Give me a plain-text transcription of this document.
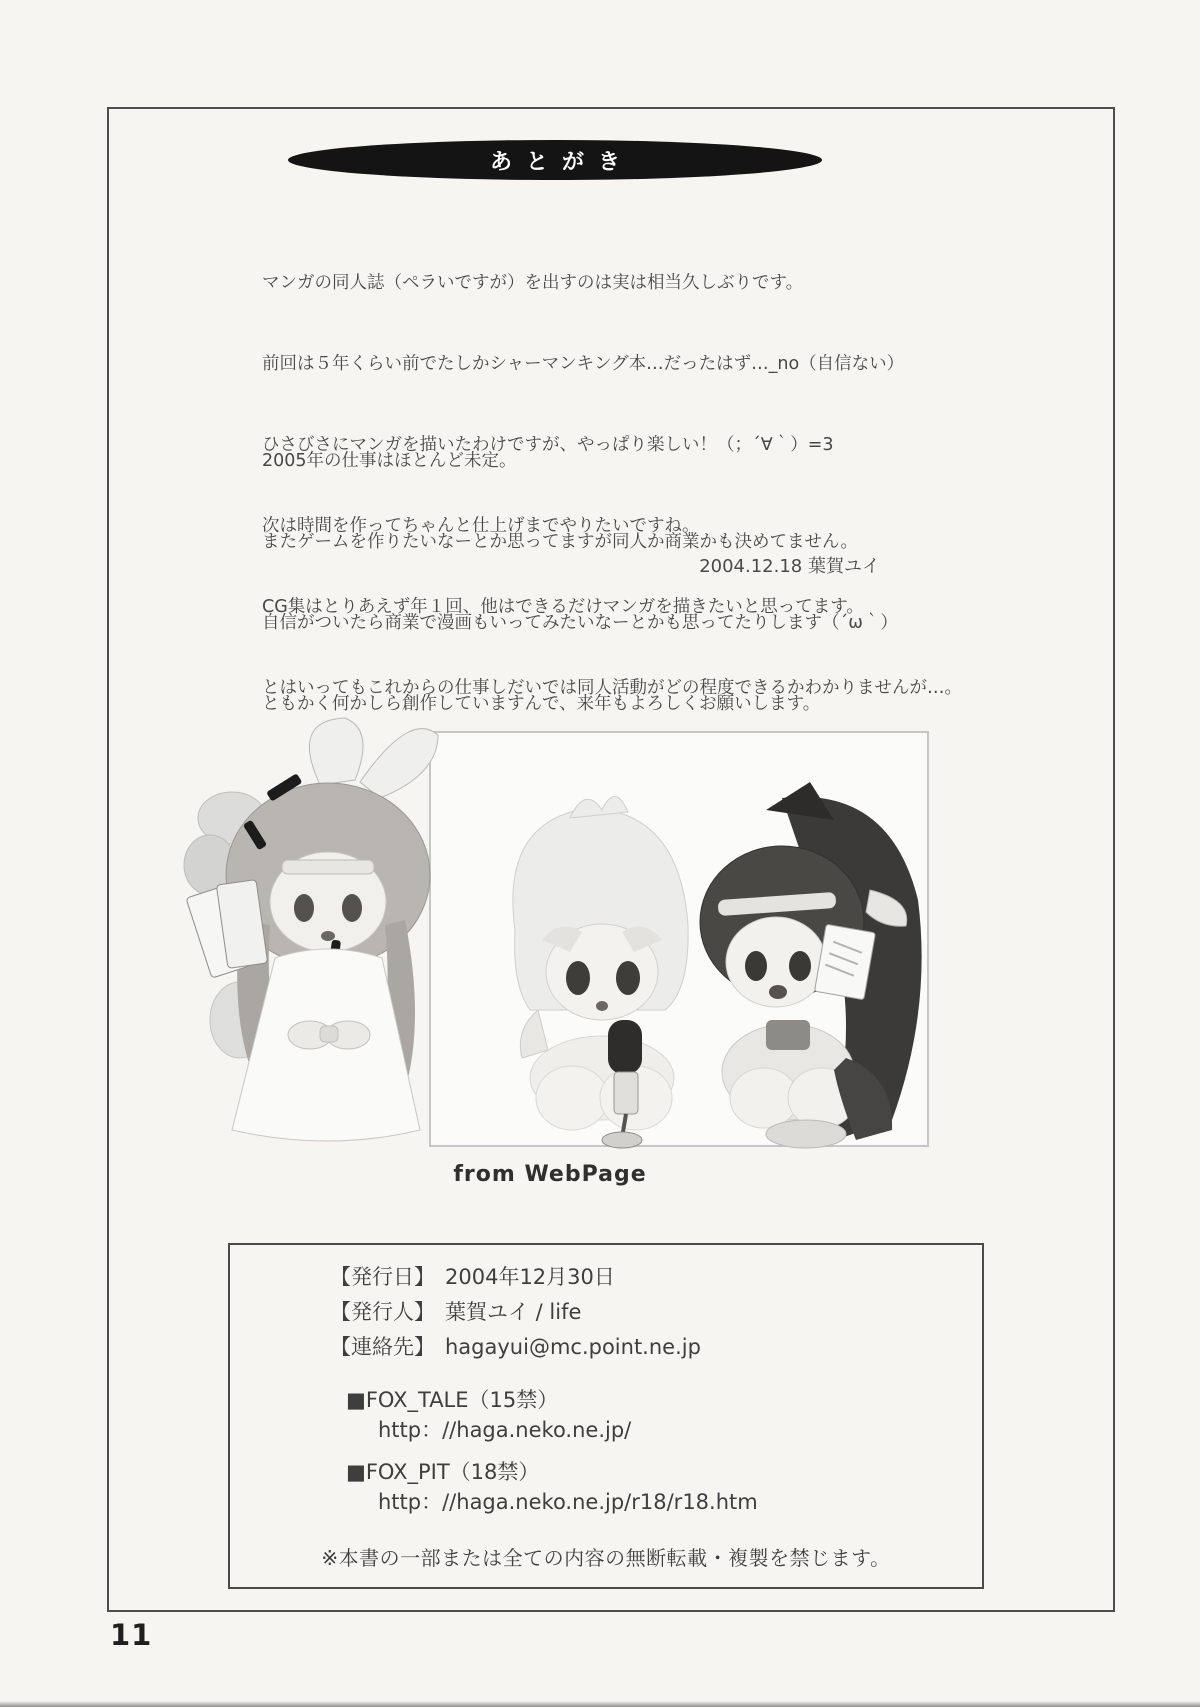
あとがき

マンガの同人誌（ペラいですが）を出すのは実は相当久しぶりです。

前回は５年くらい前でたしかシャーマンキング本…だったはず…_no（自信ない）

ひさびさにマンガを描いたわけですが、やっぱり楽しい！（；´∀｀）=3

次は時間を作ってちゃんと仕上げまでやりたいですね。

CG集はとりあえず年１回、他はできるだけマンガを描きたいと思ってます。

とはいってもこれからの仕事しだいでは同人活動がどの程度できるかわかりませんが…。

2005年の仕事はほとんど未定。

またゲームを作りたいなーとか思ってますが同人か商業かも決めてません。

自信がついたら商業で漫画もいってみたいなーとかも思ってたりします（´ω｀）

ともかく何かしら創作していますんで、来年もよろしくお願いします。

2004.12.18 葉賀ユイ
from WebPage
【発行日】 2004年12月30日
【発行人】 葉賀ユイ / life
【連絡先】 hagayui@mc.point.ne.jp
■FOX_TALE（15禁）
http：//haga.neko.ne.jp/
■FOX_PIT（18禁）
http：//haga.neko.ne.jp/r18/r18.htm
※本書の一部または全ての内容の無断転載・複製を禁じます。
11
